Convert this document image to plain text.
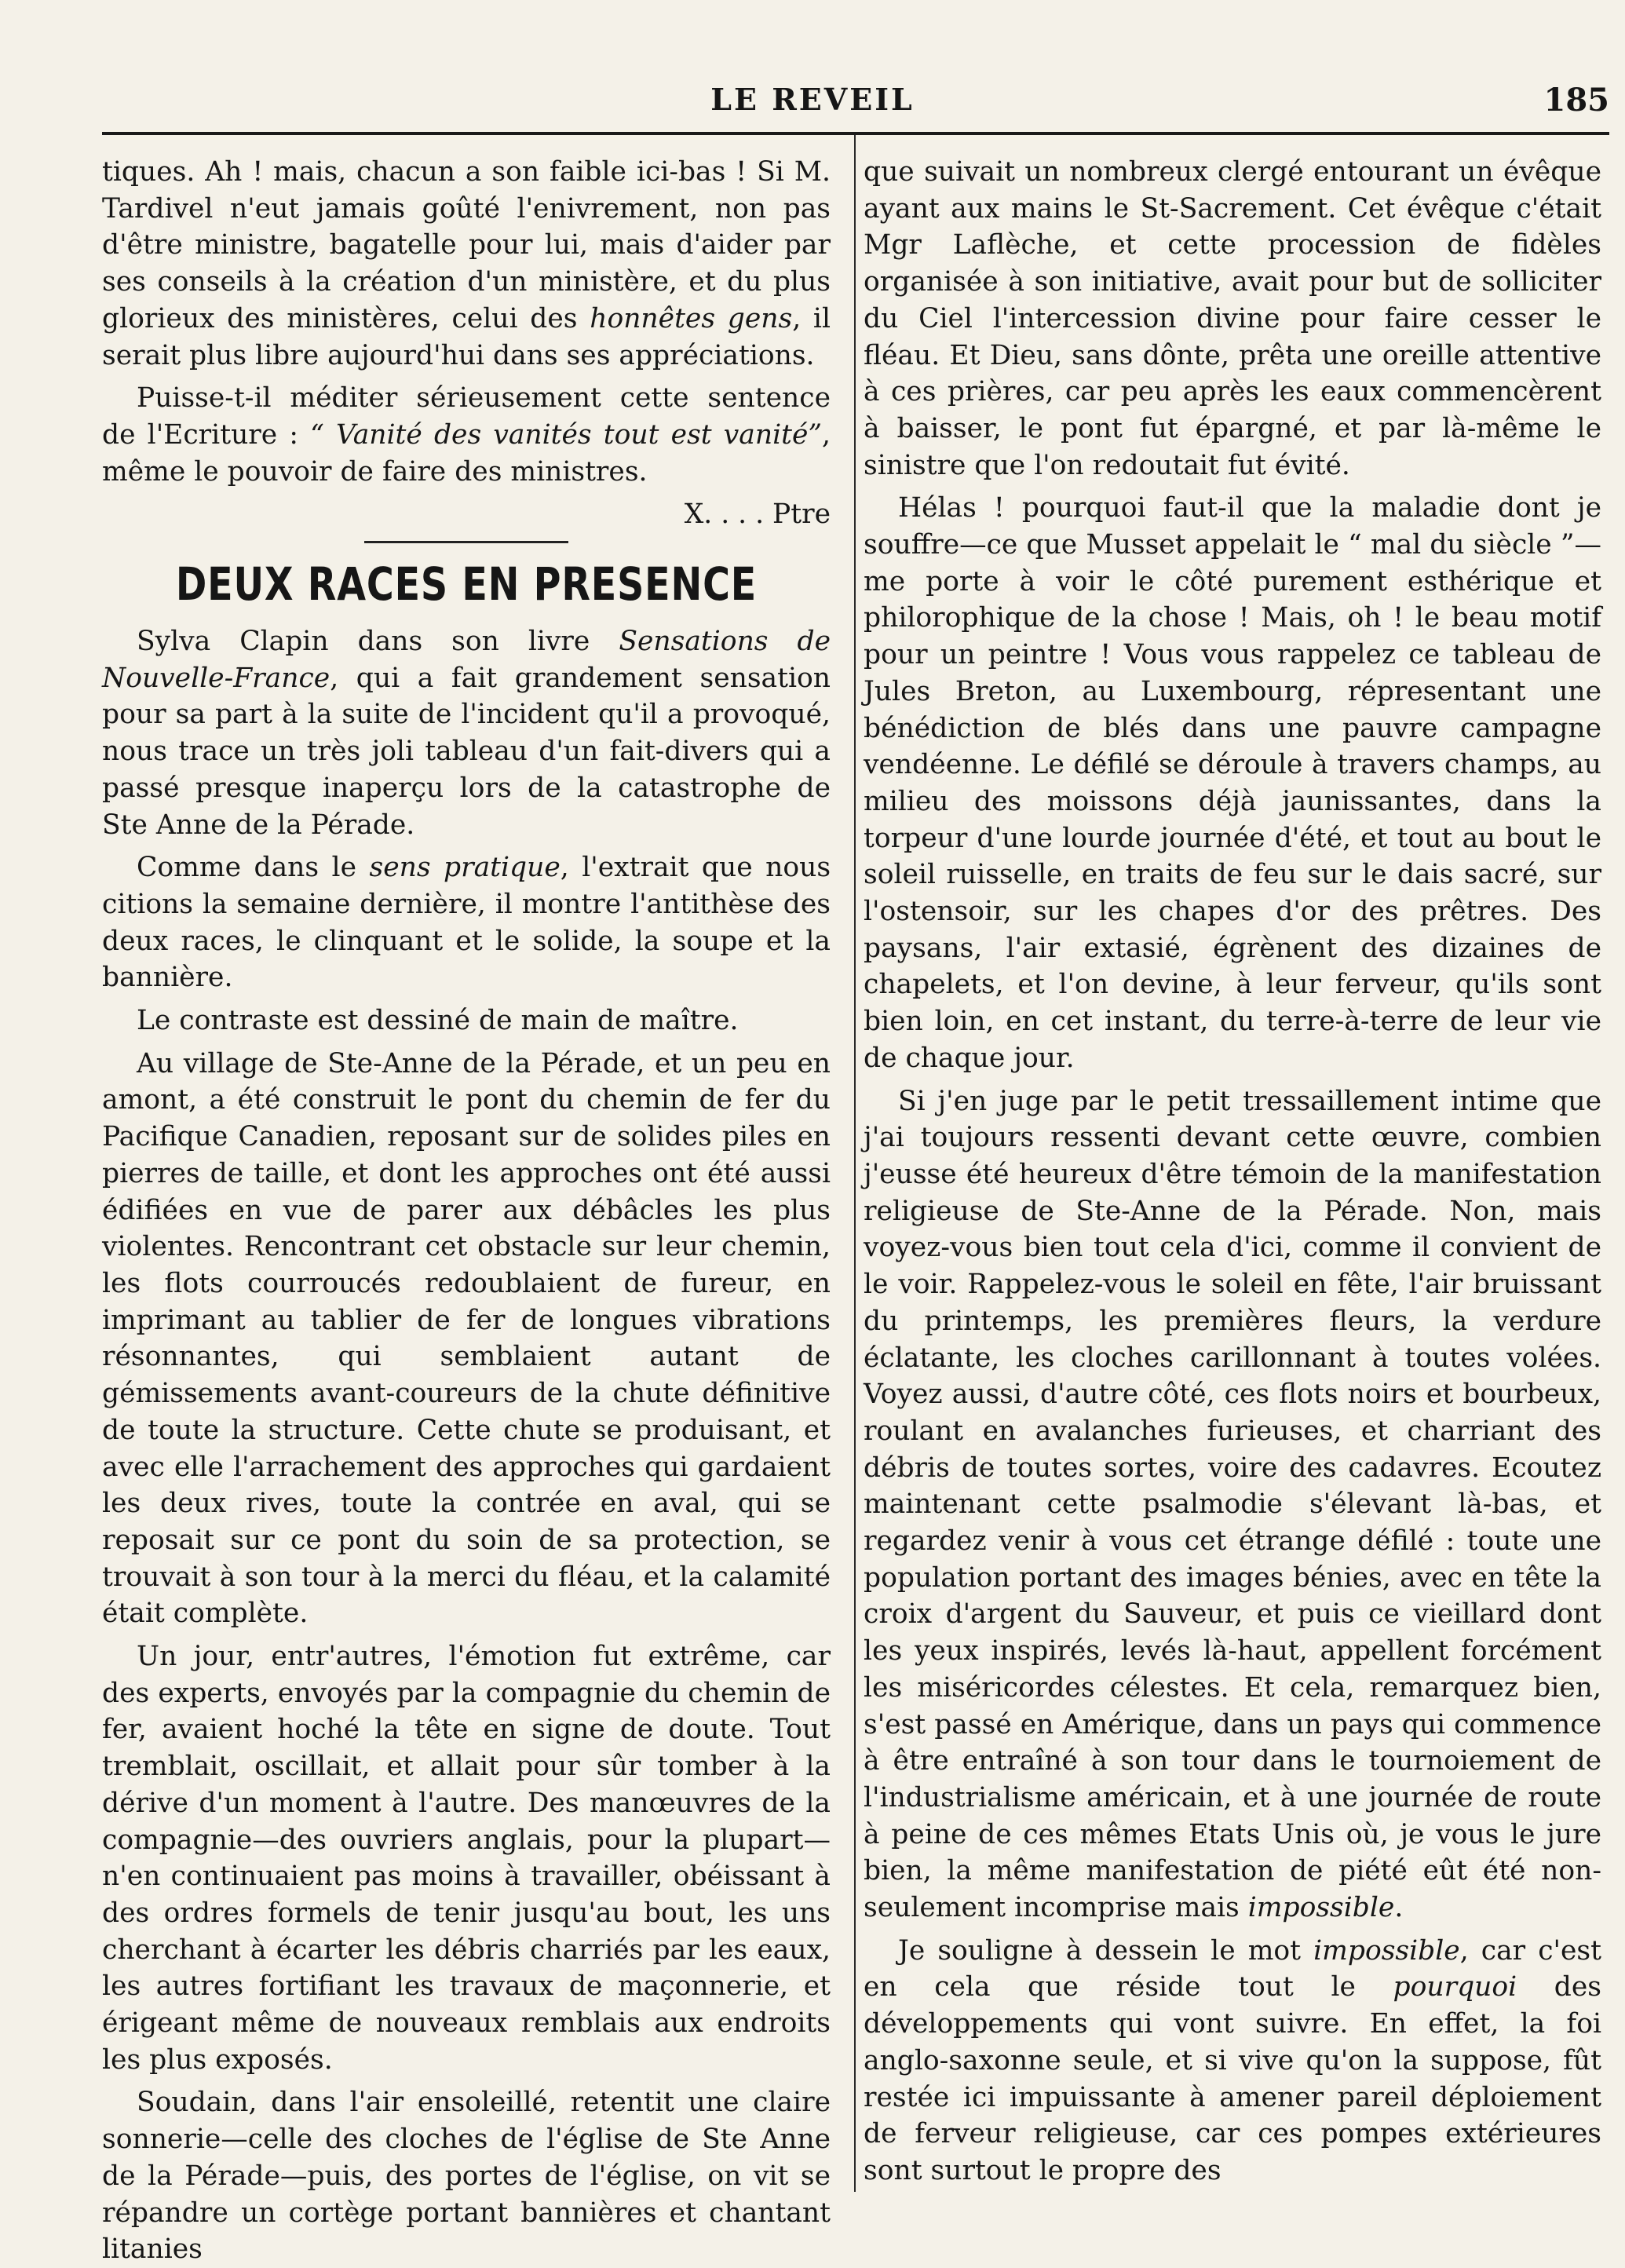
LE REVEIL	185

tiques. Ah ! mais, chacun a son faible ici-bas ! Si M. Tardivel n'eut jamais goûté l'enivrement, non pas d'être ministre, bagatelle pour lui, mais d'aider par ses conseils à la création d'un ministère, et du plus glorieux des ministères, celui des honnêtes gens, il serait plus libre aujourd'hui dans ses appréciations.

Puisse-t-il méditer sérieusement cette sentence de l'Ecriture : “ Vanité des vanités tout est vanité”, même le pouvoir de faire des ministres.

X. . . . Ptre
DEUX RACES EN PRESENCE

Sylva Clapin dans son livre Sensations de Nouvelle-France, qui a fait grandement sensation pour sa part à la suite de l'incident qu'il a provoqué, nous trace un très joli tableau d'un fait-divers qui a passé presque inaperçu lors de la catastrophe de Ste Anne de la Pérade.

Comme dans le sens pratique, l'extrait que nous citions la semaine dernière, il montre l'antithèse des deux races, le clinquant et le solide, la soupe et la bannière.

Le contraste est dessiné de main de maître.

Au village de Ste-Anne de la Pérade, et un peu en amont, a été construit le pont du chemin de fer du Pacifique Canadien, reposant sur de solides piles en pierres de taille, et dont les approches ont été aussi édifiées en vue de parer aux débâcles les plus violentes. Rencontrant cet obstacle sur leur chemin, les flots courroucés redoublaient de fureur, en imprimant au tablier de fer de longues vibrations résonnantes, qui semblaient autant de gémissements avant-coureurs de la chute définitive de toute la structure. Cette chute se produisant, et avec elle l'arrachement des approches qui gardaient les deux rives, toute la contrée en aval, qui se reposait sur ce pont du soin de sa protection, se trouvait à son tour à la merci du fléau, et la calamité était complète.

Un jour, entr'autres, l'émotion fut extrême, car des experts, envoyés par la compagnie du chemin de fer, avaient hoché la tête en signe de doute. Tout tremblait, oscillait, et allait pour sûr tomber à la dérive d'un moment à l'autre. Des manœuvres de la compagnie—des ouvriers anglais, pour la plupart—n'en continuaient pas moins à travailler, obéissant à des ordres formels de tenir jusqu'au bout, les uns cherchant à écarter les débris charriés par les eaux, les autres fortifiant les travaux de maçonnerie, et érigeant même de nouveaux remblais aux endroits les plus exposés.

Soudain, dans l'air ensoleillé, retentit une claire sonnerie—celle des cloches de l'église de Ste Anne de la Pérade—puis, des portes de l'église, on vit se répandre un cortège portant bannières et chantant litanies

que suivait un nombreux clergé entourant un évêque ayant aux mains le St-Sacrement. Cet évêque c'était Mgr Laflèche, et cette procession de fidèles organisée à son initiative, avait pour but de solliciter du Ciel l'intercession divine pour faire cesser le fléau. Et Dieu, sans dônte, prêta une oreille attentive à ces prières, car peu après les eaux commencèrent à baisser, le pont fut épargné, et par là-même le sinistre que l'on redoutait fut évité.

Hélas ! pourquoi faut-il que la maladie dont je souffre—ce que Musset appelait le “ mal du siècle ”—me porte à voir le côté purement esthérique et philorophique de la chose ! Mais, oh ! le beau motif pour un peintre ! Vous vous rappelez ce tableau de Jules Breton, au Luxembourg, répresentant une bénédiction de blés dans une pauvre campagne vendéenne. Le défilé se déroule à travers champs, au milieu des moissons déjà jaunissantes, dans la torpeur d'une lourde journée d'été, et tout au bout le soleil ruisselle, en traits de feu sur le dais sacré, sur l'ostensoir, sur les chapes d'or des prêtres. Des paysans, l'air extasié, égrènent des dizaines de chapelets, et l'on devine, à leur ferveur, qu'ils sont bien loin, en cet instant, du terre-à-terre de leur vie de chaque jour.

Si j'en juge par le petit tressaillement intime que j'ai toujours ressenti devant cette œuvre, combien j'eusse été heureux d'être témoin de la manifestation religieuse de Ste-Anne de la Pérade. Non, mais voyez-vous bien tout cela d'ici, comme il convient de le voir. Rappelez-vous le soleil en fête, l'air bruissant du printemps, les premières fleurs, la verdure éclatante, les cloches carillonnant à toutes volées. Voyez aussi, d'autre côté, ces flots noirs et bourbeux, roulant en avalanches furieuses, et charriant des débris de toutes sortes, voire des cadavres. Ecoutez maintenant cette psalmodie s'élevant là-bas, et regardez venir à vous cet étrange défilé : toute une population portant des images bénies, avec en tête la croix d'argent du Sauveur, et puis ce vieillard dont les yeux inspirés, levés là-haut, appellent forcément les miséricordes célestes. Et cela, remarquez bien, s'est passé en Amérique, dans un pays qui commence à être entraîné à son tour dans le tournoiement de l'industrialisme américain, et à une journée de route à peine de ces mêmes Etats Unis où, je vous le jure bien, la même manifestation de piété eût été non-seulement incomprise mais impossible.

Je souligne à dessein le mot impossible, car c'est en cela que réside tout le pourquoi des développements qui vont suivre. En effet, la foi anglo-saxonne seule, et si vive qu'on la suppose, fût restée ici impuissante à amener pareil déploiement de ferveur religieuse, car ces pompes extérieures sont surtout le propre des
